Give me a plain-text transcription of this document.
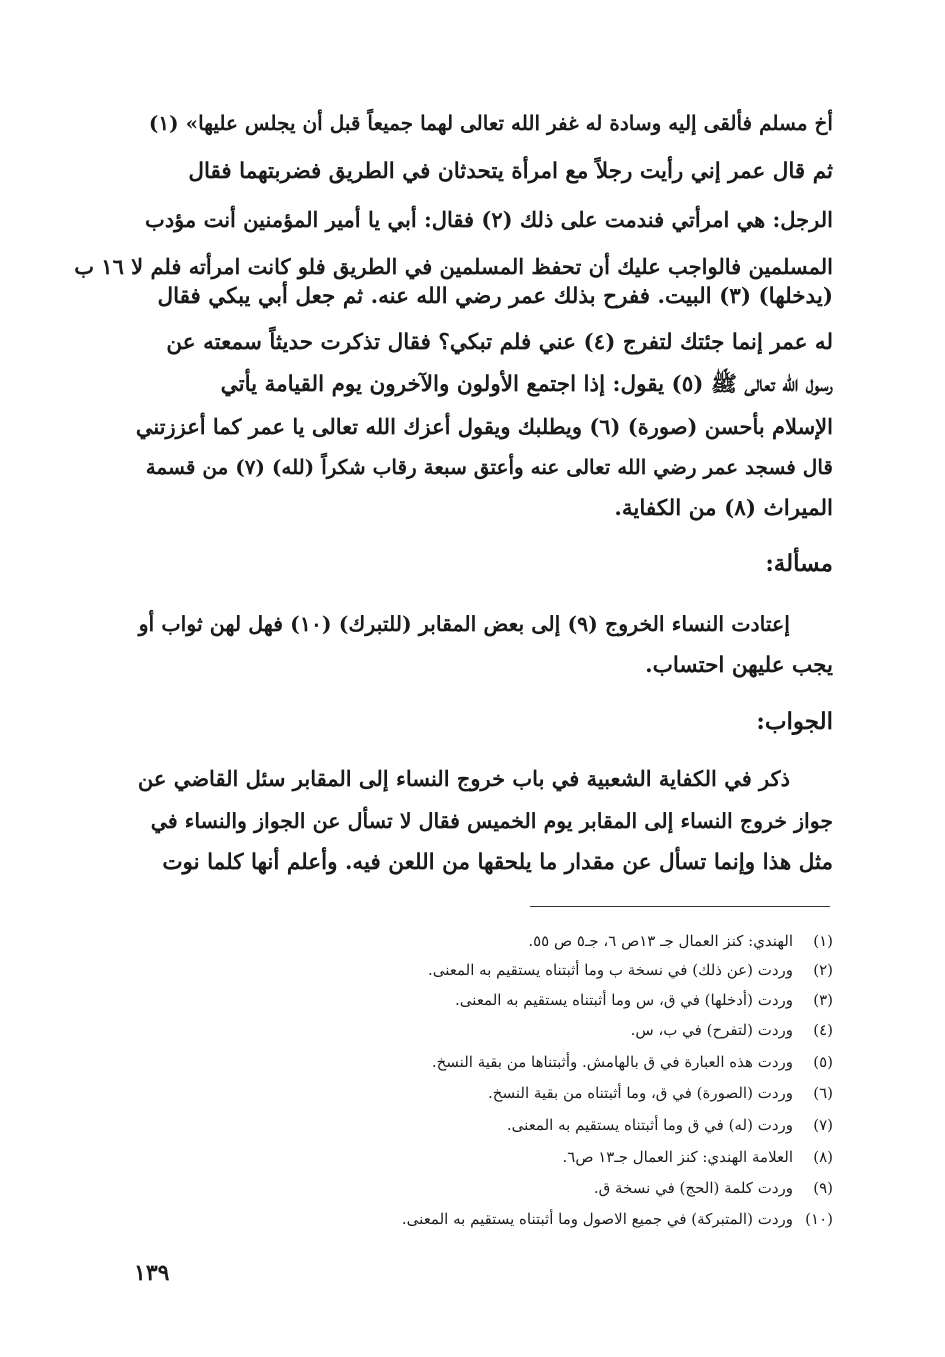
أخ مسلم فألقى إليه وسادة له غفر الله تعالى لهما جميعاً قبل أن يجلس عليها» (١)
ثم قال عمر إني رأيت رجلاً مع امرأة يتحدثان في الطريق فضربتهما فقال
الرجل: هي امرأتي فندمت على ذلك (٢) فقال: أبي يا أمير المؤمنين أنت مؤدب
المسلمين فالواجب عليك أن تحفظ المسلمين في الطريق فلو كانت امرأته فلم لا ١٦ ب
(يدخلها) (٣) البيت. ففرح بذلك عمر رضي الله عنه. ثم جعل أبي يبكي فقال
له عمر إنما جئتك لتفرج (٤) عني فلم تبكي؟ فقال تذكرت حديثاً سمعته عن
رسول الله تعالى ﷺ (٥) يقول: إذا اجتمع الأولون والآخرون يوم القيامة يأتي
الإسلام بأحسن (صورة) (٦) ويطلبك ويقول أعزك الله تعالى يا عمر كما أعززتني
قال فسجد عمر رضي الله تعالى عنه وأعتق سبعة رقاب شكراً (لله) (٧) من قسمة
الميراث (٨) من الكفاية.
مسألة:
إعتادت النساء الخروج (٩) إلى بعض المقابر (للتبرك) (١٠) فهل لهن ثواب أو
يجب عليهن احتساب.
الجواب:
ذكر في الكفاية الشعبية في باب خروج النساء إلى المقابر سئل القاضي عن
جواز خروج النساء إلى المقابر يوم الخميس فقال لا تسأل عن الجواز والنساء في
مثل هذا وإنما تسأل عن مقدار ما يلحقها من اللعن فيه. وأعلم أنها كلما نوت
(١)الهندي: كنز العمال جـ ١٣ص ٦، جـ٥ ص ٥٥.
(٢)وردت (عن ذلك) في نسخة ب وما أثبتناه يستقيم به المعنى.
(٣)وردت (أدخلها) في ق، س وما أثبتناه يستقيم به المعنى.
(٤)وردت (لتفرح) في ب، س.
(٥)وردت هذه العبارة في ق بالهامش. وأثبتناها من بقية النسخ.
(٦)وردت (الصورة) في ق، وما أثبتناه من بقية النسخ.
(٧)وردت (له) في ق وما أثبتناه يستقيم به المعنى.
(٨)العلامة الهندي: كنز العمال جـ١٣ ص٦.
(٩)وردت كلمة (الحج) في نسخة ق.
(١٠)وردت (المتبركة) في جميع الاصول وما أثبتناه يستقيم به المعنى.
١٣٩
